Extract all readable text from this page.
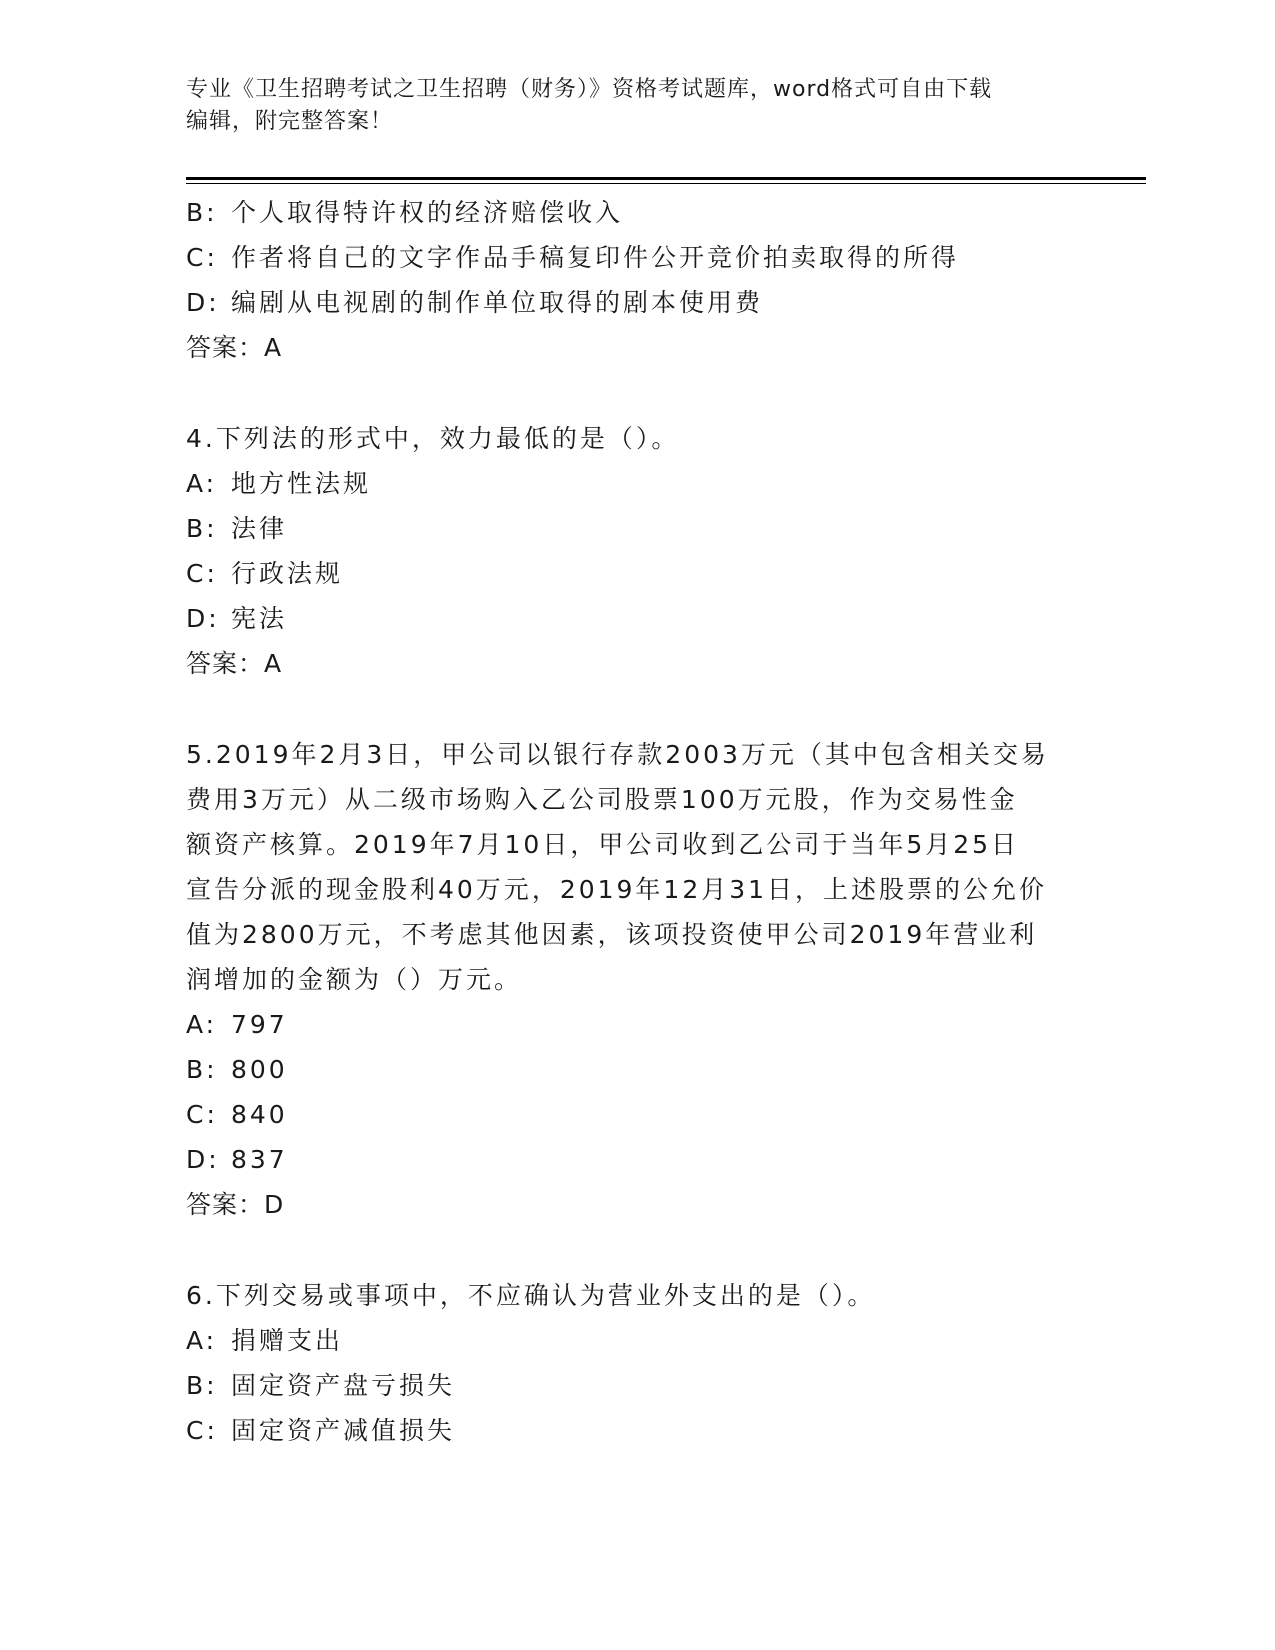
专业《卫生招聘考试之卫生招聘（财务）》资格考试题库，word格式可自由下载

编辑，附完整答案！

B: 个人取得特许权的经济赔偿收入
C: 作者将自己的文字作品手稿复印件公开竞价拍卖取得的所得
D: 编剧从电视剧的制作单位取得的剧本使用费
答案：A
4.下列法的形式中，效力最低的是（）。
A: 地方性法规
B: 法律
C: 行政法规
D: 宪法
答案：A
5.2019年2月3日，甲公司以银行存款2003万元（其中包含相关交易
费用3万元）从二级市场购入乙公司股票100万元股，作为交易性金
额资产核算。2019年7月10日，甲公司收到乙公司于当年5月25日
宣告分派的现金股利40万元，2019年12月31日，上述股票的公允价
值为2800万元，不考虑其他因素，该项投资使甲公司2019年营业利
润增加的金额为（）万元。
A: 797
B: 800
C: 840
D: 837
答案：D
6.下列交易或事项中，不应确认为营业外支出的是（）。
A: 捐赠支出
B: 固定资产盘亏损失
C: 固定资产减值损失
